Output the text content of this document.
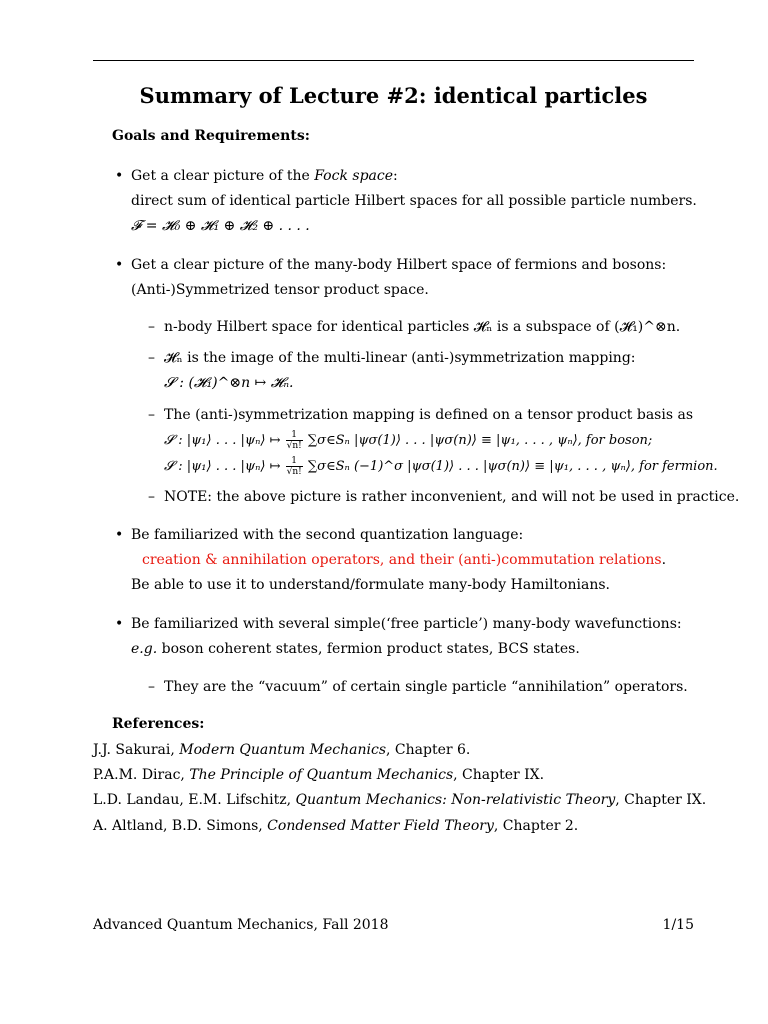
Summary of Lecture #2: identical particles
Goals and Requirements:
• Get a clear picture of the Fock space:
direct sum of identical particle Hilbert spaces for all possible particle numbers.
𝓕 = 𝓗₀ ⊕ 𝓗₁ ⊕ 𝓗₂ ⊕ . . . .
• Get a clear picture of the many-body Hilbert space of fermions and bosons:
(Anti-)Symmetrized tensor product space.
– n-body Hilbert space for identical particles 𝓗ₙ is a subspace of (𝓗₁)^⊗n.
– 𝓗ₙ is the image of the multi-linear (anti-)symmetrization mapping:
𝓢 : (𝓗₁)^⊗n ↦ 𝓗ₙ.
– The (anti-)symmetrization mapping is defined on a tensor product basis as
𝓢 : |ψ₁⟩ . . . |ψₙ⟩ ↦ $\frac{1}{√n!}$ ∑σ∈Sₙ |ψσ(1)⟩ . . . |ψσ(n)⟩ ≡ |ψ₁, . . . , ψₙ⟩, for boson;
𝓢 : |ψ₁⟩ . . . |ψₙ⟩ ↦ $\frac{1}{√n!}$ ∑σ∈Sₙ (−1)^σ |ψσ(1)⟩ . . . |ψσ(n)⟩ ≡ |ψ₁, . . . , ψₙ⟩, for fermion.
– NOTE: the above picture is rather inconvenient, and will not be used in practice.
• Be familiarized with the second quantization language:
creation & annihilation operators, and their (anti-)commutation relations.
Be able to use it to understand/formulate many-body Hamiltonians.
• Be familiarized with several simple(‘free particle’) many-body wavefunctions:
e.g. boson coherent states, fermion product states, BCS states.
– They are the “vacuum” of certain single particle “annihilation” operators.
References:
J.J. Sakurai, Modern Quantum Mechanics, Chapter 6.
P.A.M. Dirac, The Principle of Quantum Mechanics, Chapter IX.
L.D. Landau, E.M. Lifschitz, Quantum Mechanics: Non-relativistic Theory, Chapter IX.
A. Altland, B.D. Simons, Condensed Matter Field Theory, Chapter 2.
Advanced Quantum Mechanics, Fall 2018	1/15
